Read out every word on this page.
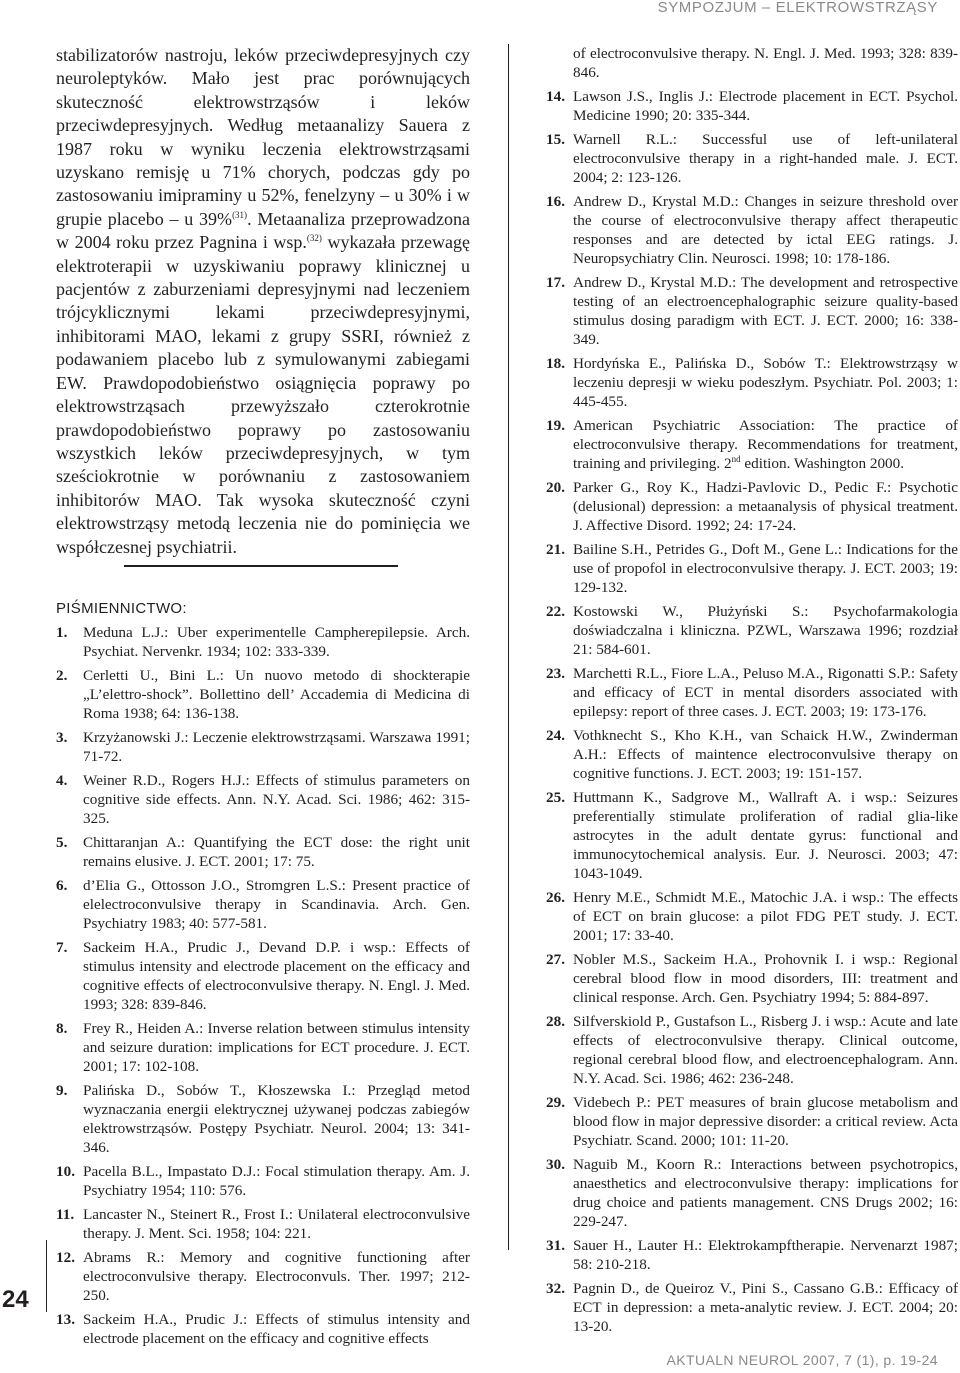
SYMPOZJUM – ELEKTROWSTRZĄSY

stabilizatorów nastroju, leków przeciwdepresyjnych czy neuroleptyków. Mało jest prac porównujących skuteczność elektrowstrząsów i leków przeciwdepresyjnych. Według metaanalizy Sauera z 1987 roku w wyniku leczenia elektrowstrząsami uzyskano remisję u 71% chorych, podczas gdy po zastosowaniu imipraminy u 52%, fenelzyny – u 30% i w grupie placebo – u 39%$^{(31)}$. Metaanaliza przeprowadzona w 2004 roku przez Pagnina i wsp.$^{(32)}$ wykazała przewagę elektroterapii w uzyskiwaniu poprawy klinicznej u pacjentów z zaburzeniami depresyjnymi nad leczeniem trójcyklicznymi lekami przeciwdepresyjnymi, inhibitorami MAO, lekami z grupy SSRI, również z podawaniem placebo lub z symulowanymi zabiegami EW. Prawdopodobieństwo osiągnięcia poprawy po elektrowstrząsach przewyższało czterokrotnie prawdopodobieństwo poprawy po zastosowaniu wszystkich leków przeciwdepresyjnych, w tym sześciokrotnie w porównaniu z zastosowaniem inhibitorów MAO. Tak wysoka skuteczność czyni elektrowstrząsy metodą leczenia nie do pominięcia we współczesnej psychiatrii.

PIŚMIENNICTWO:
1. Meduna L.J.: Uber experimentelle Campherepilepsie. Arch. Psychiat. Nervenkr. 1934; 102: 333-339.
2. Cerletti U., Bini L.: Un nuovo metodo di shockterapie „L’elettro-shock”. Bollettino dell’ Accademia di Medicina di Roma 1938; 64: 136-138.
3. Krzyżanowski J.: Leczenie elektrowstrząsami. Warszawa 1991; 71-72.
4. Weiner R.D., Rogers H.J.: Effects of stimulus parameters on cognitive side effects. Ann. N.Y. Acad. Sci. 1986; 462: 315-325.
5. Chittaranjan A.: Quantifying the ECT dose: the right unit remains elusive. J. ECT. 2001; 17: 75.
6. d’Elia G., Ottosson J.O., Stromgren L.S.: Present practice of elelectroconvulsive therapy in Scandinavia. Arch. Gen. Psychiatry 1983; 40: 577-581.
7. Sackeim H.A., Prudic J., Devand D.P. i wsp.: Effects of stimulus intensity and electrode placement on the efficacy and cognitive effects of electroconvulsive therapy. N. Engl. J. Med. 1993; 328: 839-846.
8. Frey R., Heiden A.: Inverse relation between stimulus intensity and seizure duration: implications for ECT procedure. J. ECT. 2001; 17: 102-108.
9. Palińska D., Sobów T., Kłoszewska I.: Przegląd metod wyznaczania energii elektrycznej używanej podczas zabiegów elektrowstrząsów. Postępy Psychiatr. Neurol. 2004; 13: 341-346.
10. Pacella B.L., Impastato D.J.: Focal stimulation therapy. Am. J. Psychiatry 1954; 110: 576.
11. Lancaster N., Steinert R., Frost I.: Unilateral electroconvulsive therapy. J. Ment. Sci. 1958; 104: 221.
12. Abrams R.: Memory and cognitive functioning after electroconvulsive therapy. Electroconvuls. Ther. 1997; 212-250.
13. Sackeim H.A., Prudic J.: Effects of stimulus intensity and electrode placement on the efficacy and cognitive effects
of electroconvulsive therapy. N. Engl. J. Med. 1993; 328: 839-846.
14. Lawson J.S., Inglis J.: Electrode placement in ECT. Psychol. Medicine 1990; 20: 335-344.
15. Warnell R.L.: Successful use of left-unilateral electroconvulsive therapy in a right-handed male. J. ECT. 2004; 2: 123-126.
16. Andrew D., Krystal M.D.: Changes in seizure threshold over the course of electroconvulsive therapy affect therapeutic responses and are detected by ictal EEG ratings. J. Neuropsychiatry Clin. Neurosci. 1998; 10: 178-186.
17. Andrew D., Krystal M.D.: The development and retrospective testing of an electroencephalographic seizure quality-based stimulus dosing paradigm with ECT. J. ECT. 2000; 16: 338-349.
18. Hordyńska E., Palińska D., Sobów T.: Elektrowstrząsy w leczeniu depresji w wieku podeszłym. Psychiatr. Pol. 2003; 1: 445-455.
19. American Psychiatric Association: The practice of electroconvulsive therapy. Recommendations for treatment, training and privileging. 2nd edition. Washington 2000.
20. Parker G., Roy K., Hadzi-Pavlovic D., Pedic F.: Psychotic (delusional) depression: a metaanalysis of physical treatment. J. Affective Disord. 1992; 24: 17-24.
21. Bailine S.H., Petrides G., Doft M., Gene L.: Indications for the use of propofol in electroconvulsive therapy. J. ECT. 2003; 19: 129-132.
22. Kostowski W., Płużyński S.: Psychofarmakologia doświadczalna i kliniczna. PZWL, Warszawa 1996; rozdział 21: 584-601.
23. Marchetti R.L., Fiore L.A., Peluso M.A., Rigonatti S.P.: Safety and efficacy of ECT in mental disorders associated with epilepsy: report of three cases. J. ECT. 2003; 19: 173-176.
24. Vothknecht S., Kho K.H., van Schaick H.W., Zwinderman A.H.: Effects of maintence electroconvulsive therapy on cognitive functions. J. ECT. 2003; 19: 151-157.
25. Huttmann K., Sadgrove M., Wallraft A. i wsp.: Seizures preferentially stimulate proliferation of radial glia-like astrocytes in the adult dentate gyrus: functional and immunocytochemical analysis. Eur. J. Neurosci. 2003; 47: 1043-1049.
26. Henry M.E., Schmidt M.E., Matochic J.A. i wsp.: The effects of ECT on brain glucose: a pilot FDG PET study. J. ECT. 2001; 17: 33-40.
27. Nobler M.S., Sackeim H.A., Prohovnik I. i wsp.: Regional cerebral blood flow in mood disorders, III: treatment and clinical response. Arch. Gen. Psychiatry 1994; 5: 884-897.
28. Silfverskiold P., Gustafson L., Risberg J. i wsp.: Acute and late effects of electroconvulsive therapy. Clinical outcome, regional cerebral blood flow, and electroencephalogram. Ann. N.Y. Acad. Sci. 1986; 462: 236-248.
29. Videbech P.: PET measures of brain glucose metabolism and blood flow in major depressive disorder: a critical review. Acta Psychiatr. Scand. 2000; 101: 11-20.
30. Naguib M., Koorn R.: Interactions between psychotropics, anaesthetics and electroconvulsive therapy: implications for drug choice and patients management. CNS Drugs 2002; 16: 229-247.
31. Sauer H., Lauter H.: Elektrokampftherapie. Nervenarzt 1987; 58: 210-218.
32. Pagnin D., de Queiroz V., Pini S., Cassano G.B.: Efficacy of ECT in depression: a meta-analytic review. J. ECT. 2004; 20: 13-20.
24
AKTUALN NEUROL 2007, 7 (1), p. 19-24
